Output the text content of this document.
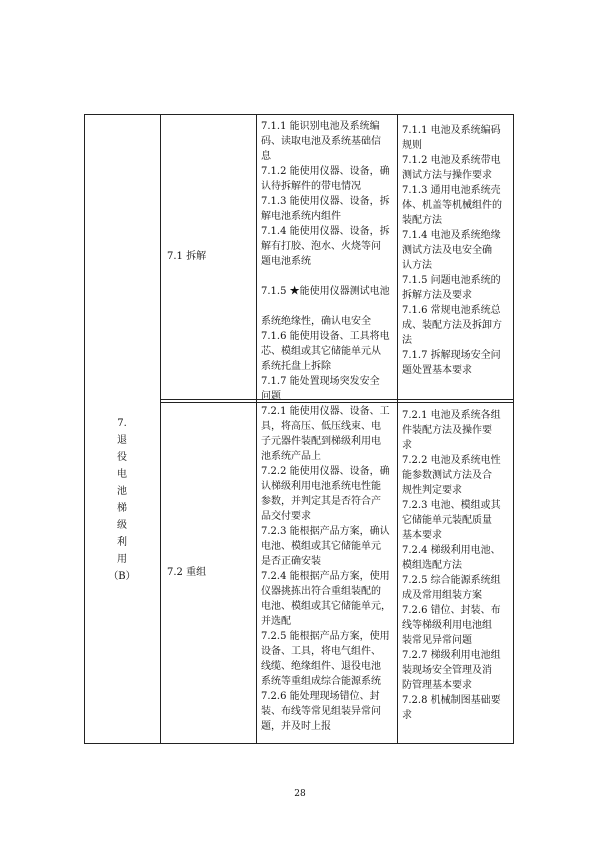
7.
退
役
电
池
梯
级
利
用
（B）
7.1 拆解
7.1.1 能识别电池及系统编
码、读取电池及系统基础信
息
7.1.2 能使用仪器、设备，确
认待拆解件的带电情况
7.1.3 能使用仪器、设备，拆
解电池系统内组件
7.1.4 能使用仪器、设备，拆
解有打胶、泡水、火烧等问
题电池系统

7.1.5 ★能使用仪器测试电池

系统绝缘性，确认电安全
7.1.6 能使用设备、工具将电
芯、模组或其它储能单元从
系统托盘上拆除
7.1.7 能处置现场突发安全
问题
7.1.1 电池及系统编码
规则
7.1.2 电池及系统带电
测试方法与操作要求
7.1.3 通用电池系统壳
体、机盖等机械组件的
装配方法
7.1.4 电池及系统绝缘
测试方法及电安全确
认方法
7.1.5 问题电池系统的
拆解方法及要求
7.1.6 常规电池系统总
成、装配方法及拆卸方
法
7.1.7 拆解现场安全问
题处置基本要求
7.2 重组
7.2.1 能使用仪器、设备、工
具，将高压、低压线束、电
子元器件装配到梯级利用电
池系统产品上
7.2.2 能使用仪器、设备，确
认梯级利用电池系统电性能
参数，并判定其是否符合产
品交付要求
7.2.3 能根据产品方案，确认
电池、模组或其它储能单元
是否正确安装
7.2.4 能根据产品方案，使用
仪器挑拣出符合重组装配的
电池、模组或其它储能单元，
并选配
7.2.5 能根据产品方案，使用
设备、工具，将电气组件、
线缆、绝缘组件、退役电池
系统等重组成综合能源系统
7.2.6 能处理现场错位、封
装、布线等常见组装异常问
题，并及时上报
7.2.1 电池及系统各组
件装配方法及操作要
求
7.2.2 电池及系统电性
能参数测试方法及合
规性判定要求
7.2.3 电池、模组或其
它储能单元装配质量
基本要求
7.2.4 梯级利用电池、
模组选配方法
7.2.5 综合能源系统组
成及常用组装方案
7.2.6 错位、封装、布
线等梯级利用电池组
装常见异常问题
7.2.7 梯级利用电池组
装现场安全管理及消
防管理基本要求
7.2.8 机械制图基础要
求
28
